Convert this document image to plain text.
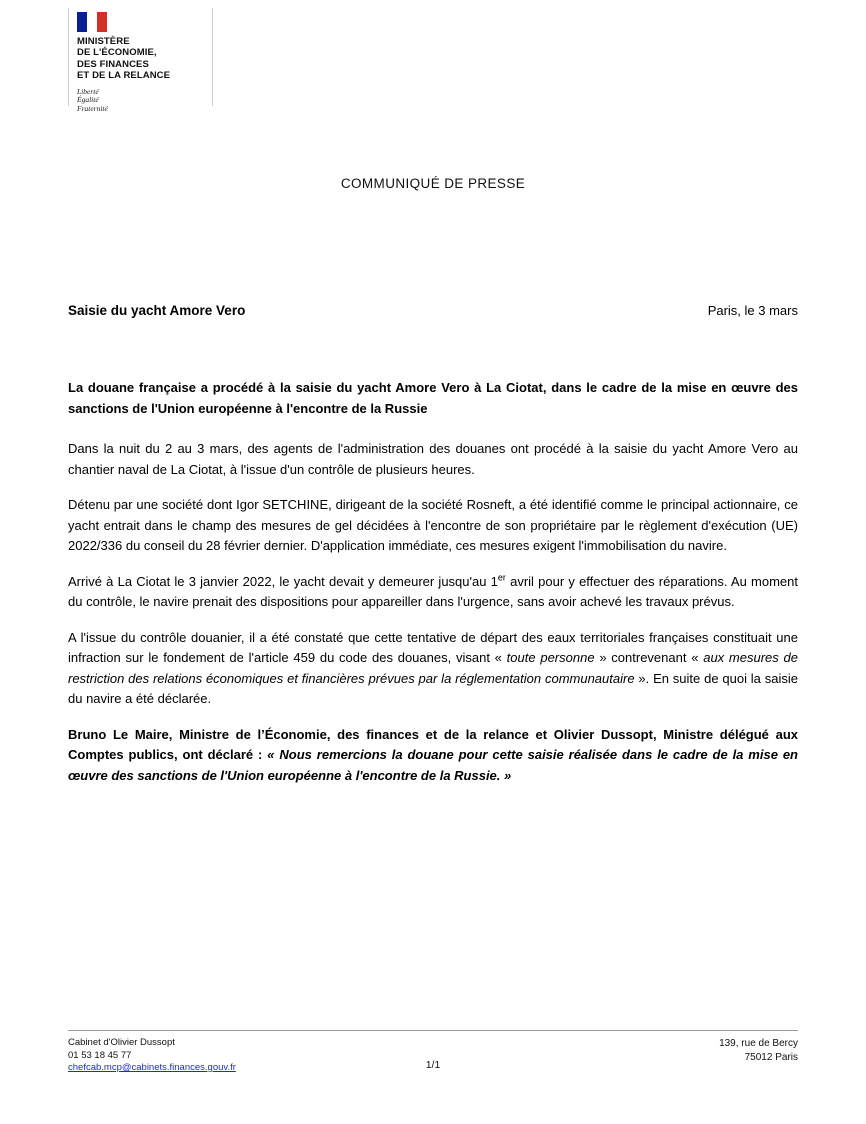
MINISTÈRE
DE L'ÉCONOMIE,
DES FINANCES
ET DE LA RELANCE
Liberté
Égalité
Fraternité
COMMUNIQUÉ DE PRESSE
Saisie du yacht Amore Vero	Paris, le 3 mars

La douane française a procédé à la saisie du yacht Amore Vero à La Ciotat, dans le cadre de la mise en œuvre des sanctions de l'Union européenne à l'encontre de la Russie

Dans la nuit du 2 au 3 mars, des agents de l'administration des douanes ont procédé à la saisie du yacht Amore Vero au chantier naval de La Ciotat, à l'issue d'un contrôle de plusieurs heures.

Détenu par une société dont Igor SETCHINE, dirigeant de la société Rosneft, a été identifié comme le principal actionnaire, ce yacht entrait dans le champ des mesures de gel décidées à l'encontre de son propriétaire par le règlement d'exécution (UE) 2022/336 du conseil du 28 février dernier. D'application immédiate, ces mesures exigent l'immobilisation du navire.

Arrivé à La Ciotat le 3 janvier 2022, le yacht devait y demeurer jusqu'au 1er avril pour y effectuer des réparations. Au moment du contrôle, le navire prenait des dispositions pour appareiller dans l'urgence, sans avoir achevé les travaux prévus.

A l'issue du contrôle douanier, il a été constaté que cette tentative de départ des eaux territoriales françaises constituait une infraction sur le fondement de l'article 459 du code des douanes, visant « toute personne » contrevenant « aux mesures de restriction des relations économiques et financières prévues par la réglementation communautaire ». En suite de quoi la saisie du navire a été déclarée.

Bruno Le Maire, Ministre de l’Économie, des finances et de la relance et Olivier Dussopt, Ministre délégué aux Comptes publics, ont déclaré : « Nous remercions la douane pour cette saisie réalisée dans le cadre de la mise en œuvre des sanctions de l'Union européenne à l'encontre de la Russie. »

Cabinet d'Olivier Dussopt
01 53 18 45 77
chefcab.mcp@cabinets.finances.gouv.fr
139, rue de Bercy
75012 Paris
1/1
